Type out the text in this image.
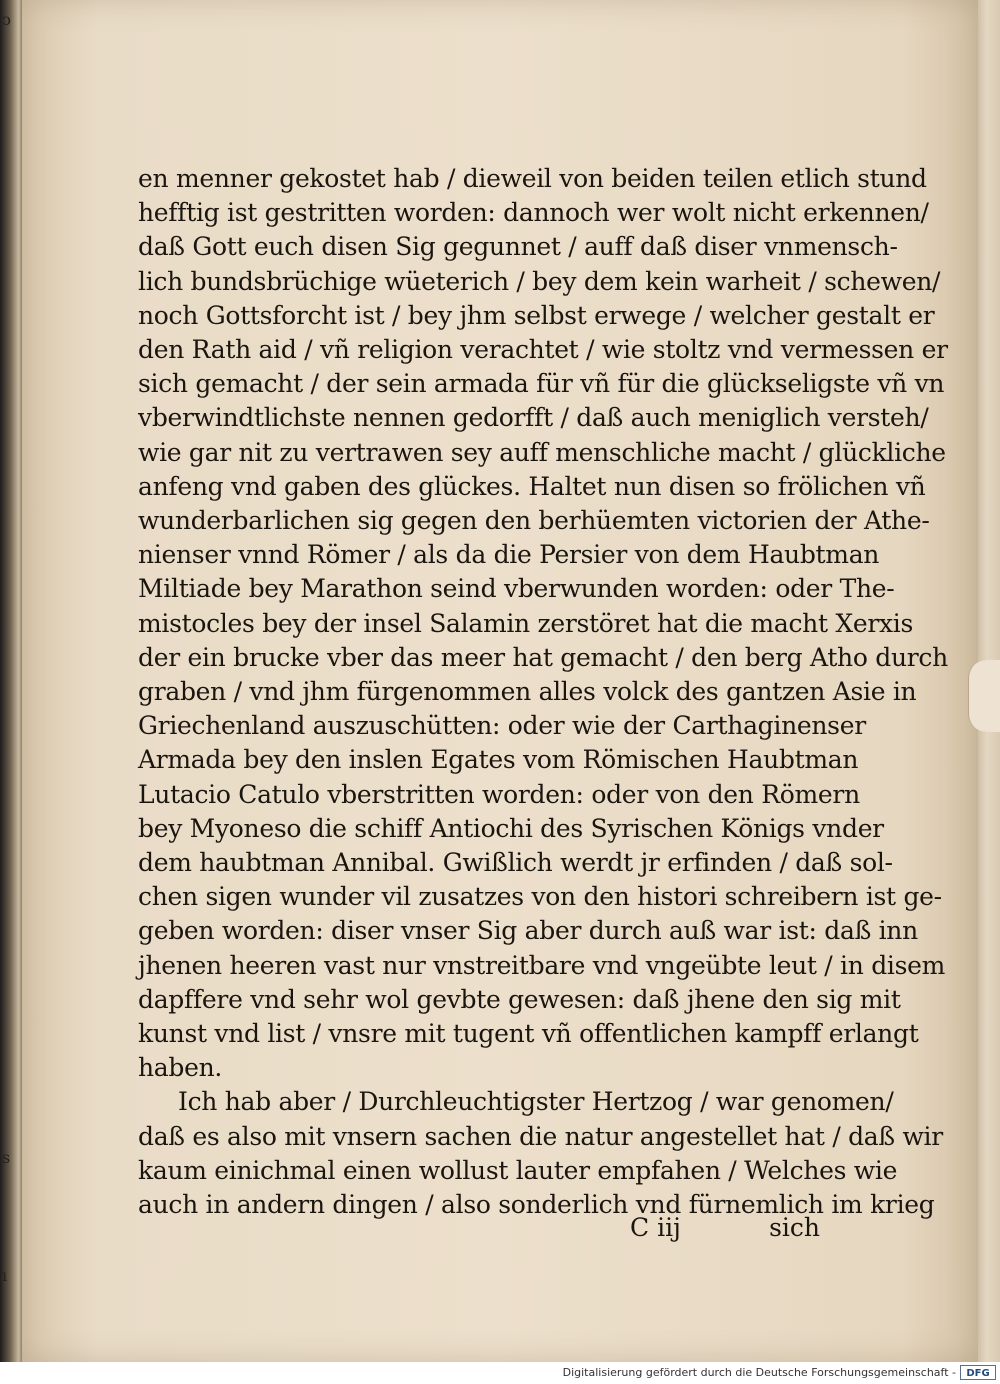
ↄ
s
ı
en menner gekostet hab / dieweil von beiden teilen etlich stund
hefftig ist gestritten worden: dannoch wer wolt nicht erkennen/
daß Gott euch disen Sig gegunnet / auff daß diser vnmensch-
lich bundsbrüchige wüeterich / bey dem kein warheit / schewen/
noch Gottsforcht ist / bey jhm selbst erwege / welcher gestalt er
den Rath aid / vñ religion verachtet / wie stoltz vnd vermessen er
sich gemacht / der sein armada für vñ für die glückseligste vñ vn
vberwindtlichste nennen gedorfft / daß auch meniglich versteh/
wie gar nit zu vertrawen sey auff menschliche macht / glückliche
anfeng vnd gaben des glückes. Haltet nun disen so frölichen vñ
wunderbarlichen sig gegen den berhüemten victorien der Athe-
nienser vnnd Römer / als da die Persier von dem Haubtman
Miltiade bey Marathon seind vberwunden worden: oder The-
mistocles bey der insel Salamin zerstöret hat die macht Xerxis
der ein brucke vber das meer hat gemacht / den berg Atho durch
graben / vnd jhm fürgenommen alles volck des gantzen Asie in
Griechenland auszuschütten: oder wie der Carthaginenser
Armada bey den inslen Egates vom Römischen Haubtman
Lutacio Catulo vberstritten worden: oder von den Römern
bey Myoneso die schiff Antiochi des Syrischen Königs vnder
dem haubtman Annibal. Gwißlich werdt jr erfinden / daß sol-
chen sigen wunder vil zusatzes von den histori schreibern ist ge-
geben worden: diser vnser Sig aber durch auß war ist: daß inn
jhenen heeren vast nur vnstreitbare vnd vngeübte leut / in disem
dapffere vnd sehr wol gevbte gewesen: daß jhene den sig mit
kunst vnd list / vnsre mit tugent vñ offentlichen kampff erlangt
haben.
Ich hab aber / Durchleuchtigster Hertzog / war genomen/
daß es also mit vnsern sachen die natur angestellet hat / daß wir
kaum einichmal einen wollust lauter empfahen / Welches wie
auch in andern dingen / also sonderlich vnd fürnemlich im krieg
C iij	sich
Digitalisierung gefördert durch die Deutsche Forschungsgemeinschaft -	DFG
